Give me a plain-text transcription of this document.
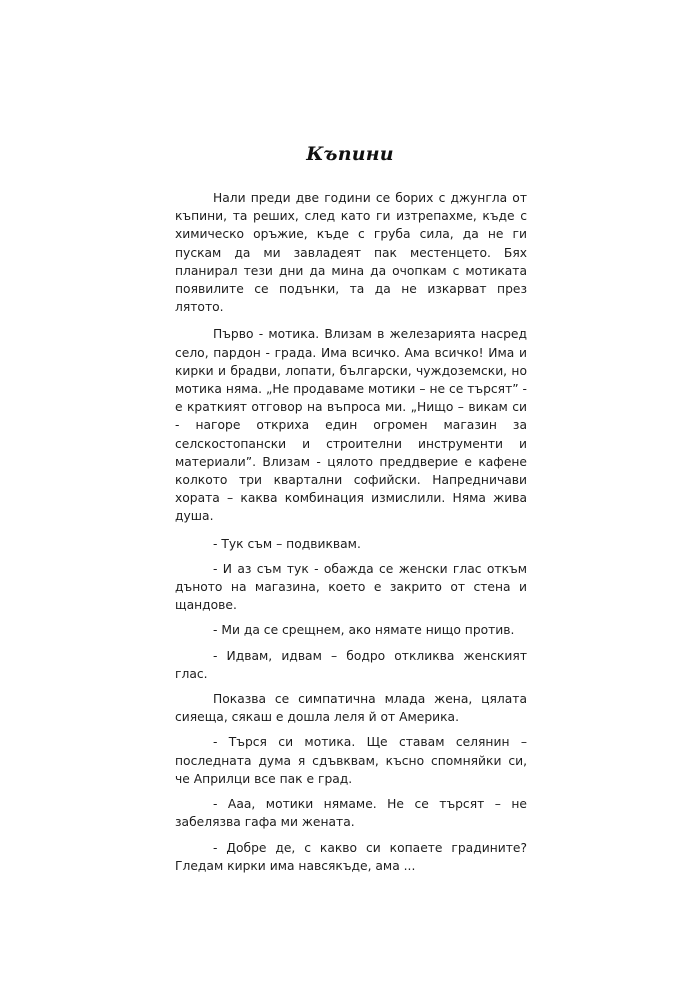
Къпини

Нали преди две години се борих с джунгла от къпини, та реших, след като ги изтрепахме, къде с химическо оръжие, къде с груба сила, да не ги пускам да ми завладеят пак местенцето. Бях планирал тези дни да мина да очопкам с мотиката появилите се подънки, та да не изкарват през лятото.

Първо - мотика. Влизам в железарията насред село, пардон - града. Има всичко. Ама всичко! Има и кирки и брадви, лопати, български, чуждоземски, но мотика няма. „Не продаваме мотики – не се търсят” - е краткият отговор на въпроса ми. „Нищо – викам си - нагоре откриха един огромен магазин за селскостопански и строителни инструменти и материали”. Влизам - цялото преддверие е кафене колкото три квартални софийски. Напредничави хората – каква комбинация измислили. Няма жива душа.

- Тук съм – подвиквам.

- И аз съм тук - обажда се женски глас откъм дъното на магазина, което е закрито от стена и щандове.

- Ми да се срещнем, ако нямате нищо против.

- Идвам, идвам – бодро откликва женският глас.

Показва се симпатична млада жена, цялата сияеща, сякаш е дошла леля й от Америка.

- Търся си мотика. Ще ставам селянин – последната дума я сдъвквам, късно спомняйки си, че Априлци все пак е град.

- Ааа, мотики нямаме. Не се търсят – не забелязва гафа ми жената.

- Добре де, с какво си копаете градините? Гледам кирки има навсякъде, ама ...
